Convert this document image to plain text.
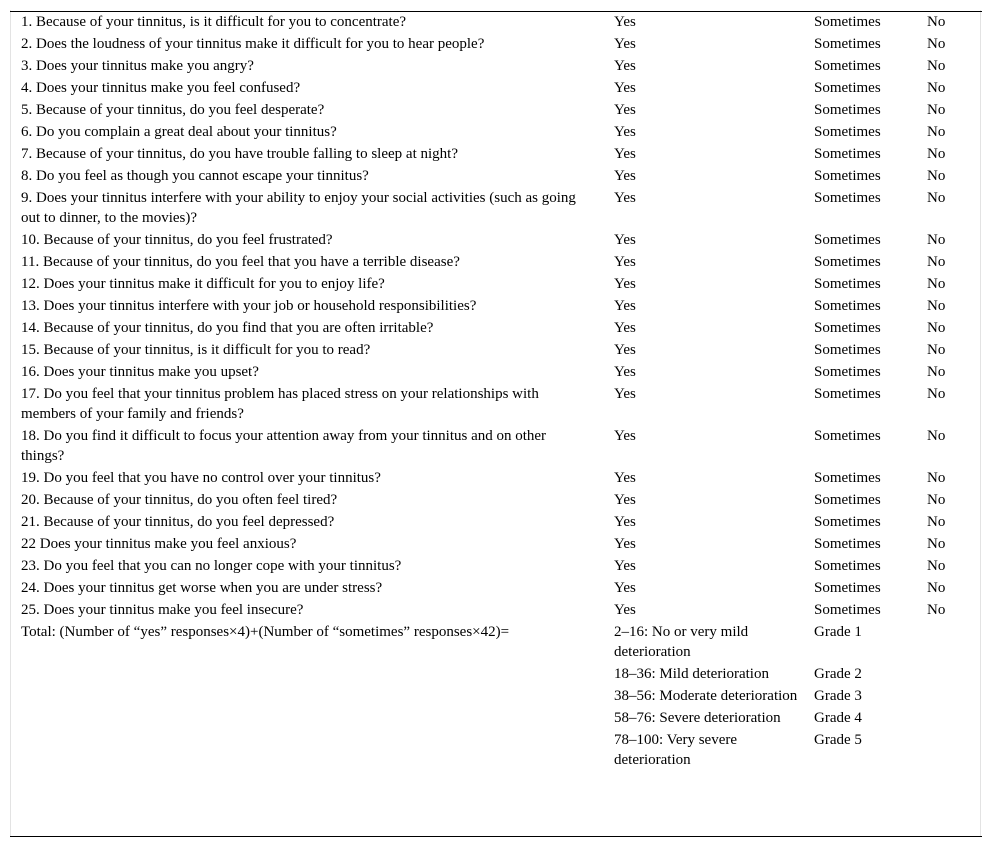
1. Because of your tinnitus, is it difficult for you to concentrate?	Yes	Sometimes	No
2. Does the loudness of your tinnitus make it difficult for you to hear people?	Yes	Sometimes	No
3. Does your tinnitus make you angry?	Yes	Sometimes	No
4. Does your tinnitus make you feel confused?	Yes	Sometimes	No
5. Because of your tinnitus, do you feel desperate?	Yes	Sometimes	No
6. Do you complain a great deal about your tinnitus?	Yes	Sometimes	No
7. Because of your tinnitus, do you have trouble falling to sleep at night?	Yes	Sometimes	No
8. Do you feel as though you cannot escape your tinnitus?	Yes	Sometimes	No
9. Does your tinnitus interfere with your ability to enjoy your social activities (such as going out to dinner, to the movies)?	Yes	Sometimes	No
10. Because of your tinnitus, do you feel frustrated?	Yes	Sometimes	No
11. Because of your tinnitus, do you feel that you have a terrible disease?	Yes	Sometimes	No
12. Does your tinnitus make it difficult for you to enjoy life?	Yes	Sometimes	No
13. Does your tinnitus interfere with your job or household responsibilities?	Yes	Sometimes	No
14. Because of your tinnitus, do you find that you are often irritable?	Yes	Sometimes	No
15. Because of your tinnitus, is it difficult for you to read?	Yes	Sometimes	No
16. Does your tinnitus make you upset?	Yes	Sometimes	No
17. Do you feel that your tinnitus problem has placed stress on your relationships with members of your family and friends?	Yes	Sometimes	No
18. Do you find it difficult to focus your attention away from your tinnitus and on other things?	Yes	Sometimes	No
19. Do you feel that you have no control over your tinnitus?	Yes	Sometimes	No
20. Because of your tinnitus, do you often feel tired?	Yes	Sometimes	No
21. Because of your tinnitus, do you feel depressed?	Yes	Sometimes	No
22 Does your tinnitus make you feel anxious?	Yes	Sometimes	No
23. Do you feel that you can no longer cope with your tinnitus?	Yes	Sometimes	No
24. Does your tinnitus get worse when you are under stress?	Yes	Sometimes	No
25. Does your tinnitus make you feel insecure?	Yes	Sometimes	No
Total: (Number of “yes” responses×4)+(Number of “sometimes” responses×42)=	2–16: No or very mild deterioration	Grade 1	
	18–36: Mild deterioration	Grade 2	
	38–56: Moderate deterioration	Grade 3	
	58–76: Severe deterioration	Grade 4	
	78–100: Very severe deterioration	Grade 5	
